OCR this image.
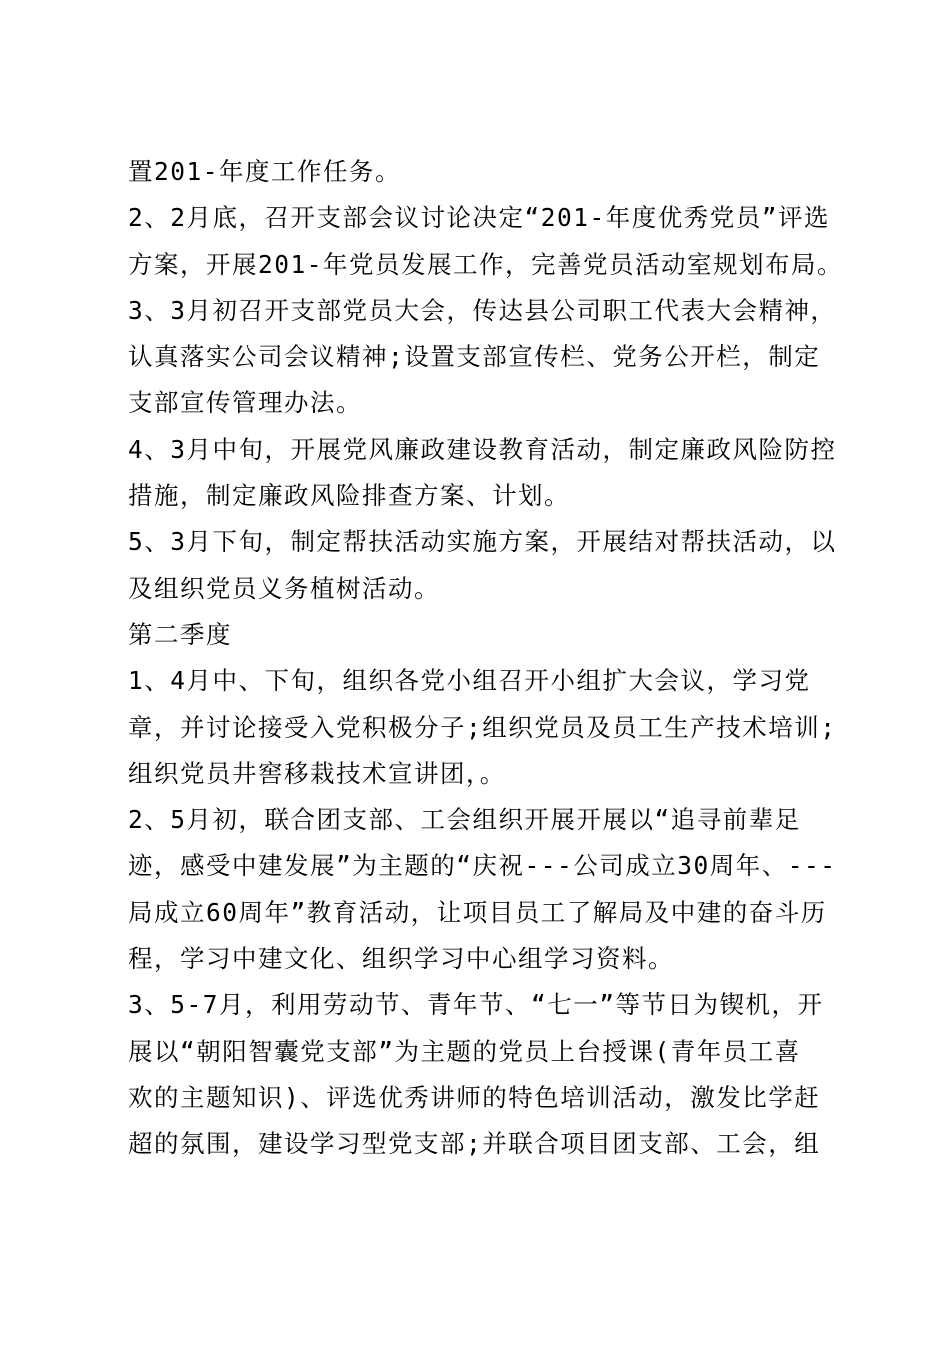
置201-年度工作任务。
2、2月底，召开支部会议讨论决定“201-年度优秀党员”评选
方案，开展201-年党员发展工作，完善党员活动室规划布局。
3、3月初召开支部党员大会，传达县公司职工代表大会精神，
认真落实公司会议精神;设置支部宣传栏、党务公开栏，制定
支部宣传管理办法。
4、3月中旬，开展党风廉政建设教育活动，制定廉政风险防控
措施，制定廉政风险排查方案、计划。
5、3月下旬，制定帮扶活动实施方案，开展结对帮扶活动，以
及组织党员义务植树活动。
第二季度
1、4月中、下旬，组织各党小组召开小组扩大会议，学习党
章，并讨论接受入党积极分子;组织党员及员工生产技术培训;
组织党员井窖移栽技术宣讲团，。
2、5月初，联合团支部、工会组织开展开展以“追寻前辈足
迹，感受中建发展”为主题的“庆祝---公司成立30周年、---
局成立60周年”教育活动，让项目员工了解局及中建的奋斗历
程，学习中建文化、组织学习中心组学习资料。
3、5-7月，利用劳动节、青年节、“七一”等节日为锲机，开
展以“朝阳智囊党支部”为主题的党员上台授课(青年员工喜
欢的主题知识)、评选优秀讲师的特色培训活动，激发比学赶
超的氛围，建设学习型党支部;并联合项目团支部、工会，组
